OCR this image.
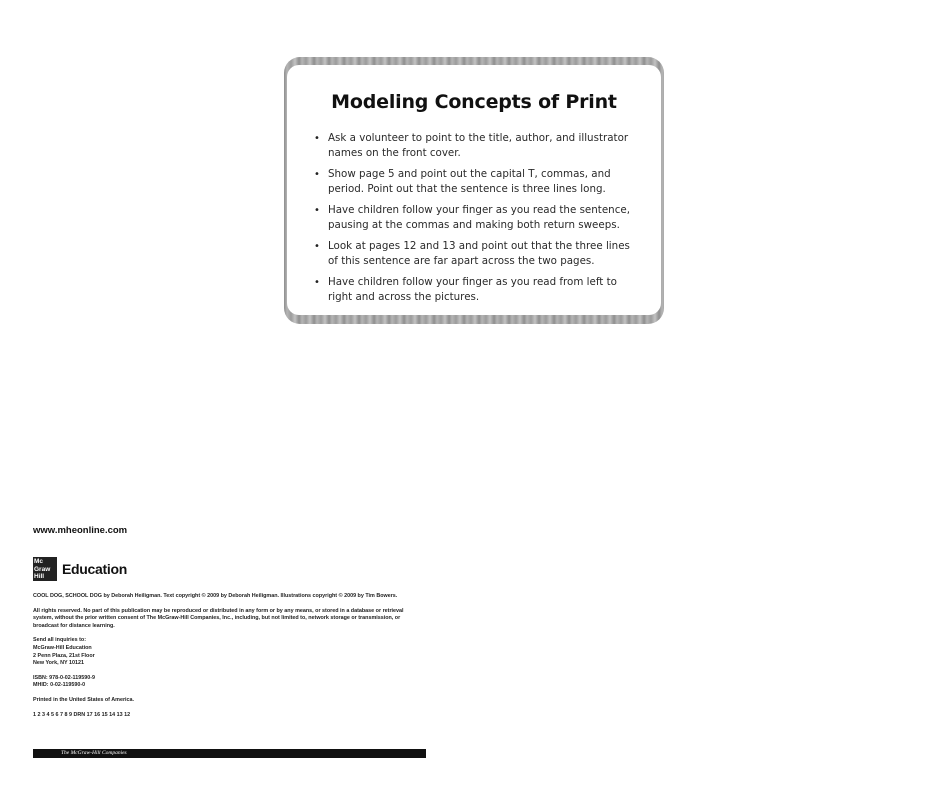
Modeling Concepts of Print
• Ask a volunteer to point to the title, author, and illustrator names on the front cover.
• Show page 5 and point out the capital T, commas, and period. Point out that the sentence is three lines long.
• Have children follow your finger as you read the sentence, pausing at the commas and making both return sweeps.
• Look at pages 12 and 13 and point out that the three lines of this sentence are far apart across the two pages.
• Have children follow your finger as you read from left to right and across the pictures.
www.mheonline.com
Mc Graw Hill	Education

COOL DOG, SCHOOL DOG by Deborah Heiligman. Text copyright © 2009 by Deborah Heiligman. Illustrations copyright © 2009 by Tim Bowers.

All rights reserved. No part of this publication may be reproduced or distributed in any form or by any means, or stored in a database or retrieval system, without the prior written consent of The McGraw-Hill Companies, Inc., including, but not limited to, network storage or transmission, or broadcast for distance learning.

Send all inquiries to:
McGraw-Hill Education
2 Penn Plaza, 21st Floor
New York, NY 10121

ISBN: 978-0-02-119590-9
MHID: 0-02-119590-0

Printed in the United States of America.

1 2 3 4 5 6 7 8 9 DRN 17 16 15 14 13 12

The McGraw-Hill Companies
